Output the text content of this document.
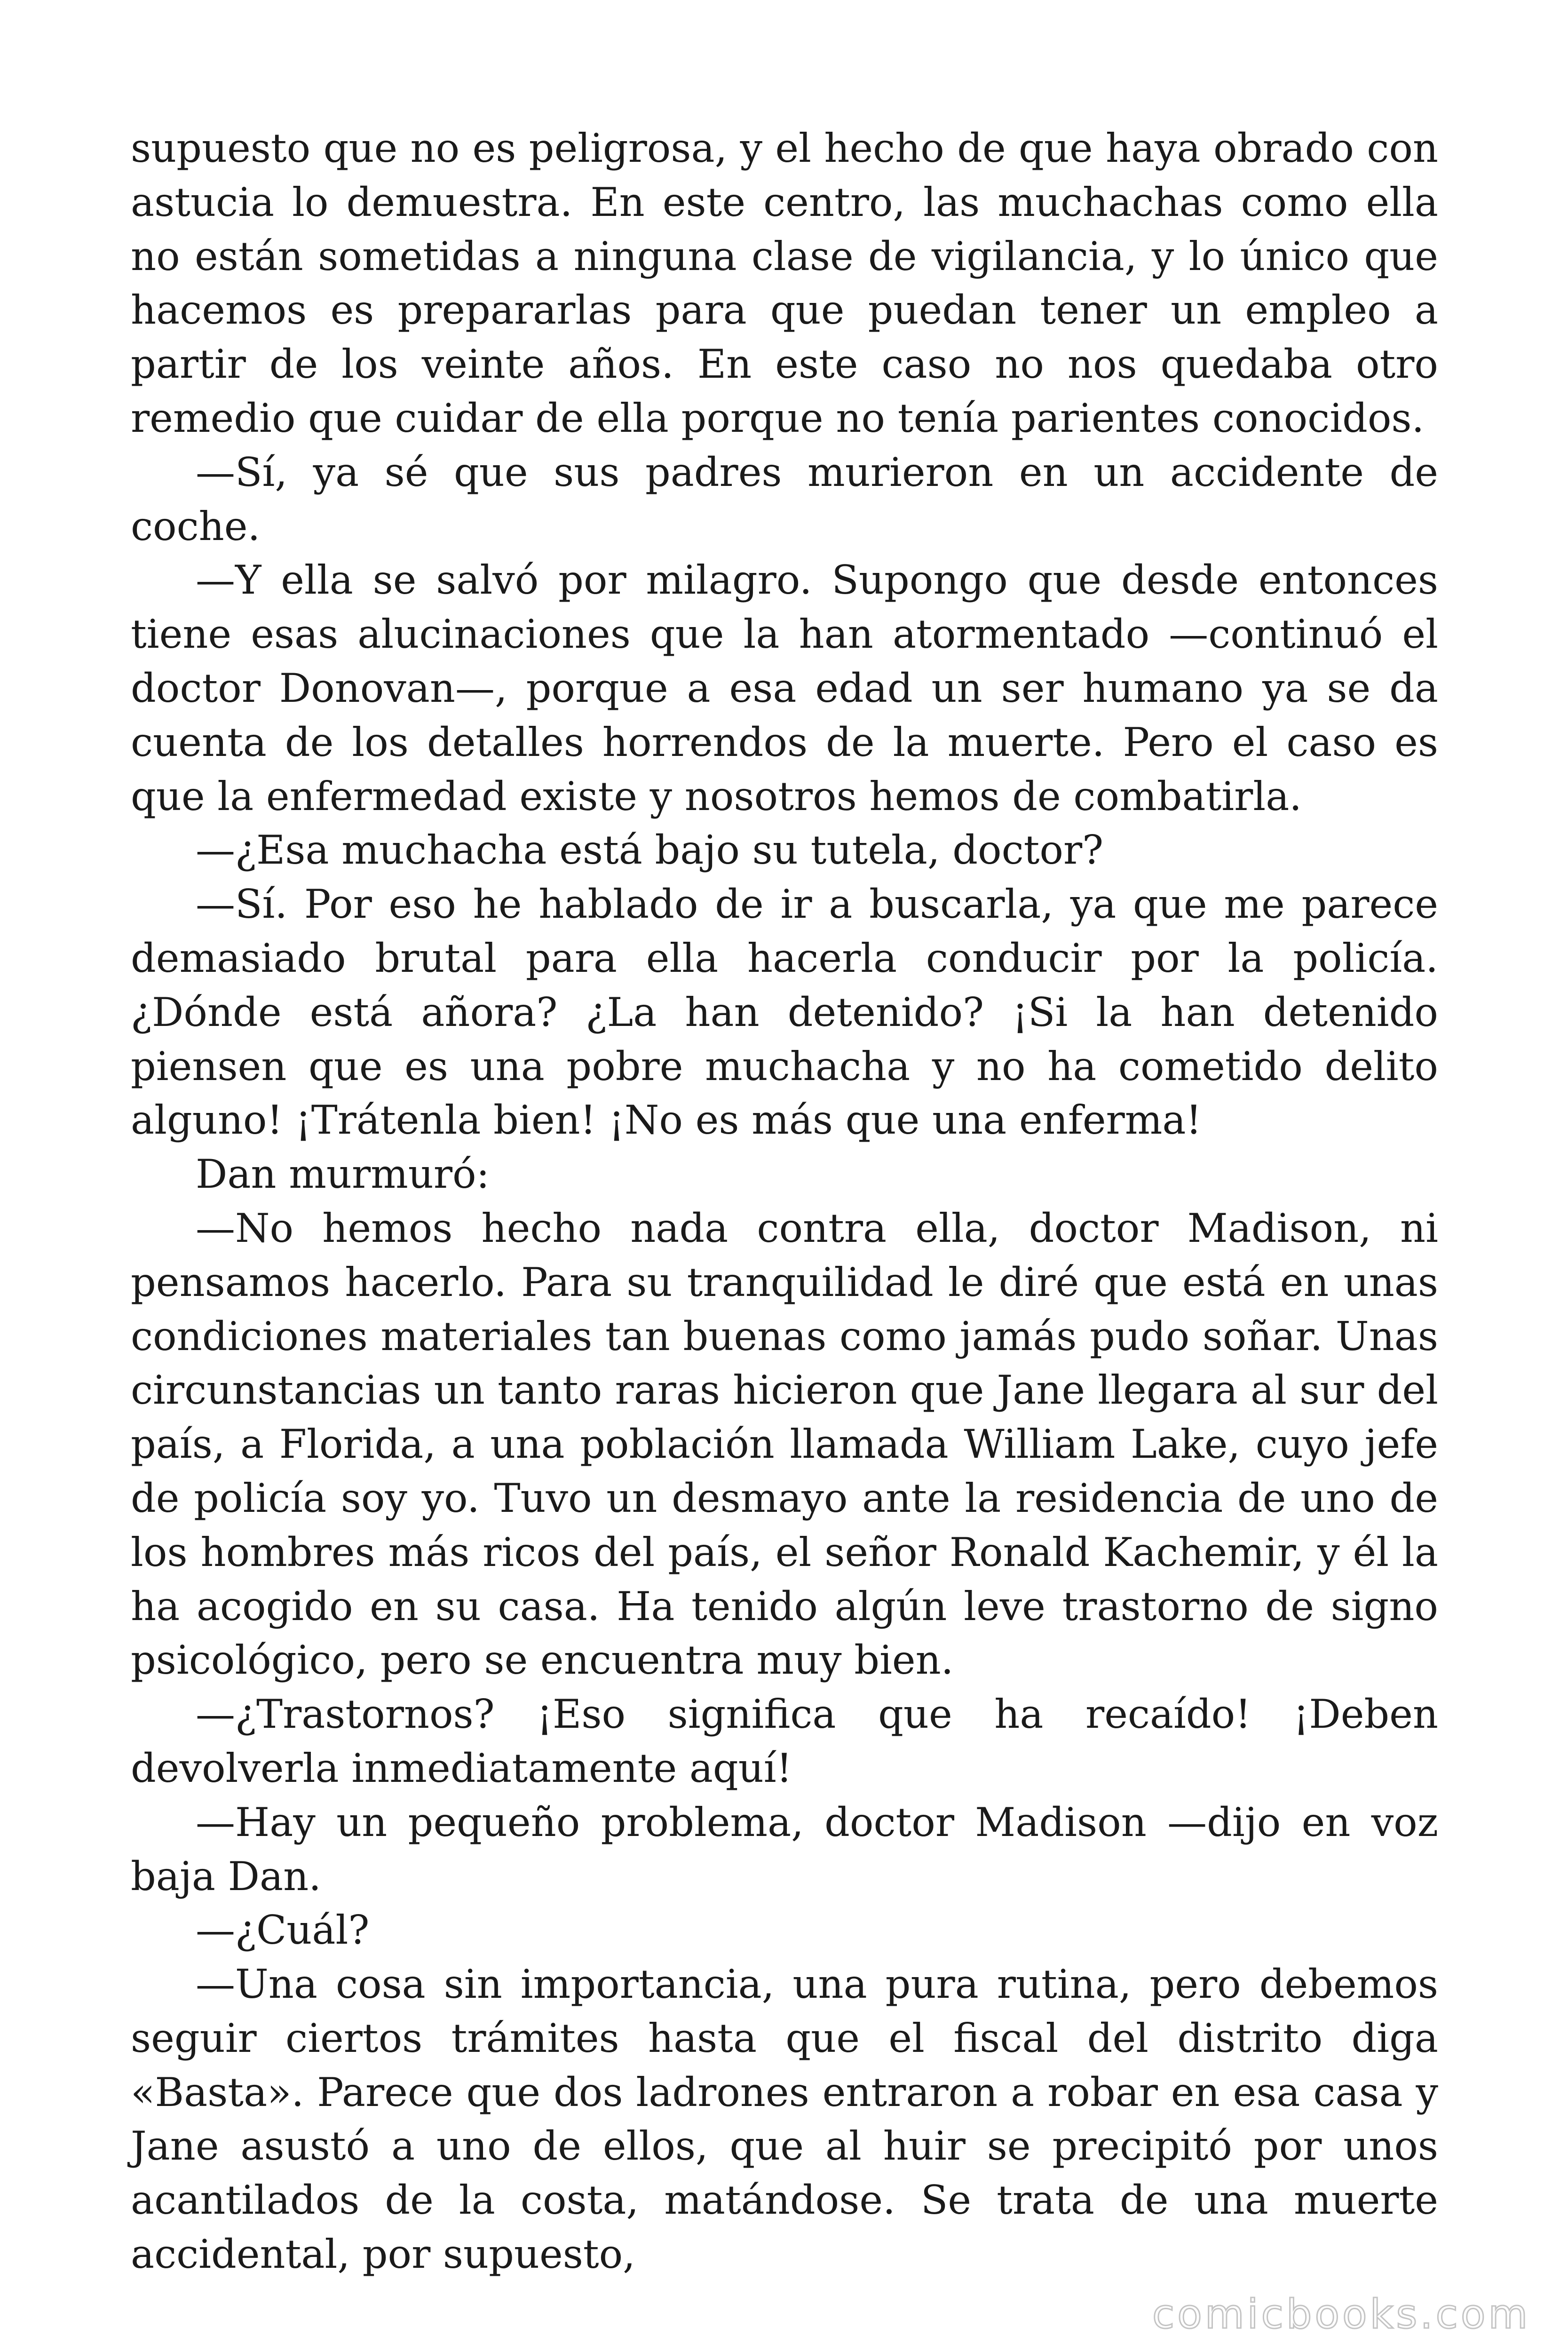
supuesto que no es peligrosa, y el hecho de que haya obrado con astucia lo demuestra. En este centro, las muchachas como ella no están sometidas a ninguna clase de vigilancia, y lo único que hacemos es prepararlas para que puedan tener un empleo a partir de los veinte años. En este caso no nos quedaba otro remedio que cuidar de ella porque no tenía parientes conocidos.

—Sí, ya sé que sus padres murieron en un accidente de coche.

—Y ella se salvó por milagro. Supongo que desde entonces tiene esas alucinaciones que la han atormentado —continuó el doctor Donovan—, porque a esa edad un ser humano ya se da cuenta de los detalles horrendos de la muerte. Pero el caso es que la enfermedad existe y nosotros hemos de combatirla.

—¿Esa muchacha está bajo su tutela, doctor?

—Sí. Por eso he hablado de ir a buscarla, ya que me parece demasiado brutal para ella hacerla conducir por la policía. ¿Dónde está añora? ¿La han detenido? ¡Si la han detenido piensen que es una pobre muchacha y no ha cometido delito alguno! ¡Trátenla bien! ¡No es más que una enferma!

Dan murmuró:

—No hemos hecho nada contra ella, doctor Madison, ni pensamos hacerlo. Para su tranquilidad le diré que está en unas condiciones materiales tan buenas como jamás pudo soñar. Unas circunstancias un tanto raras hicieron que Jane llegara al sur del país, a Florida, a una población llamada William Lake, cuyo jefe de policía soy yo. Tuvo un desmayo ante la residencia de uno de los hombres más ricos del país, el señor Ronald Kachemir, y él la ha acogido en su casa. Ha tenido algún leve trastorno de signo psicológico, pero se encuentra muy bien.

—¿Trastornos? ¡Eso significa que ha recaído! ¡Deben devolverla inmediatamente aquí!

—Hay un pequeño problema, doctor Madison —dijo en voz baja Dan.

—¿Cuál?

—Una cosa sin importancia, una pura rutina, pero debemos seguir ciertos trámites hasta que el fiscal del distrito diga «Basta». Parece que dos ladrones entraron a robar en esa casa y Jane asustó a uno de ellos, que al huir se precipitó por unos acantilados de la costa, matándose. Se trata de una muerte accidental, por supuesto,

comicbooks.com
